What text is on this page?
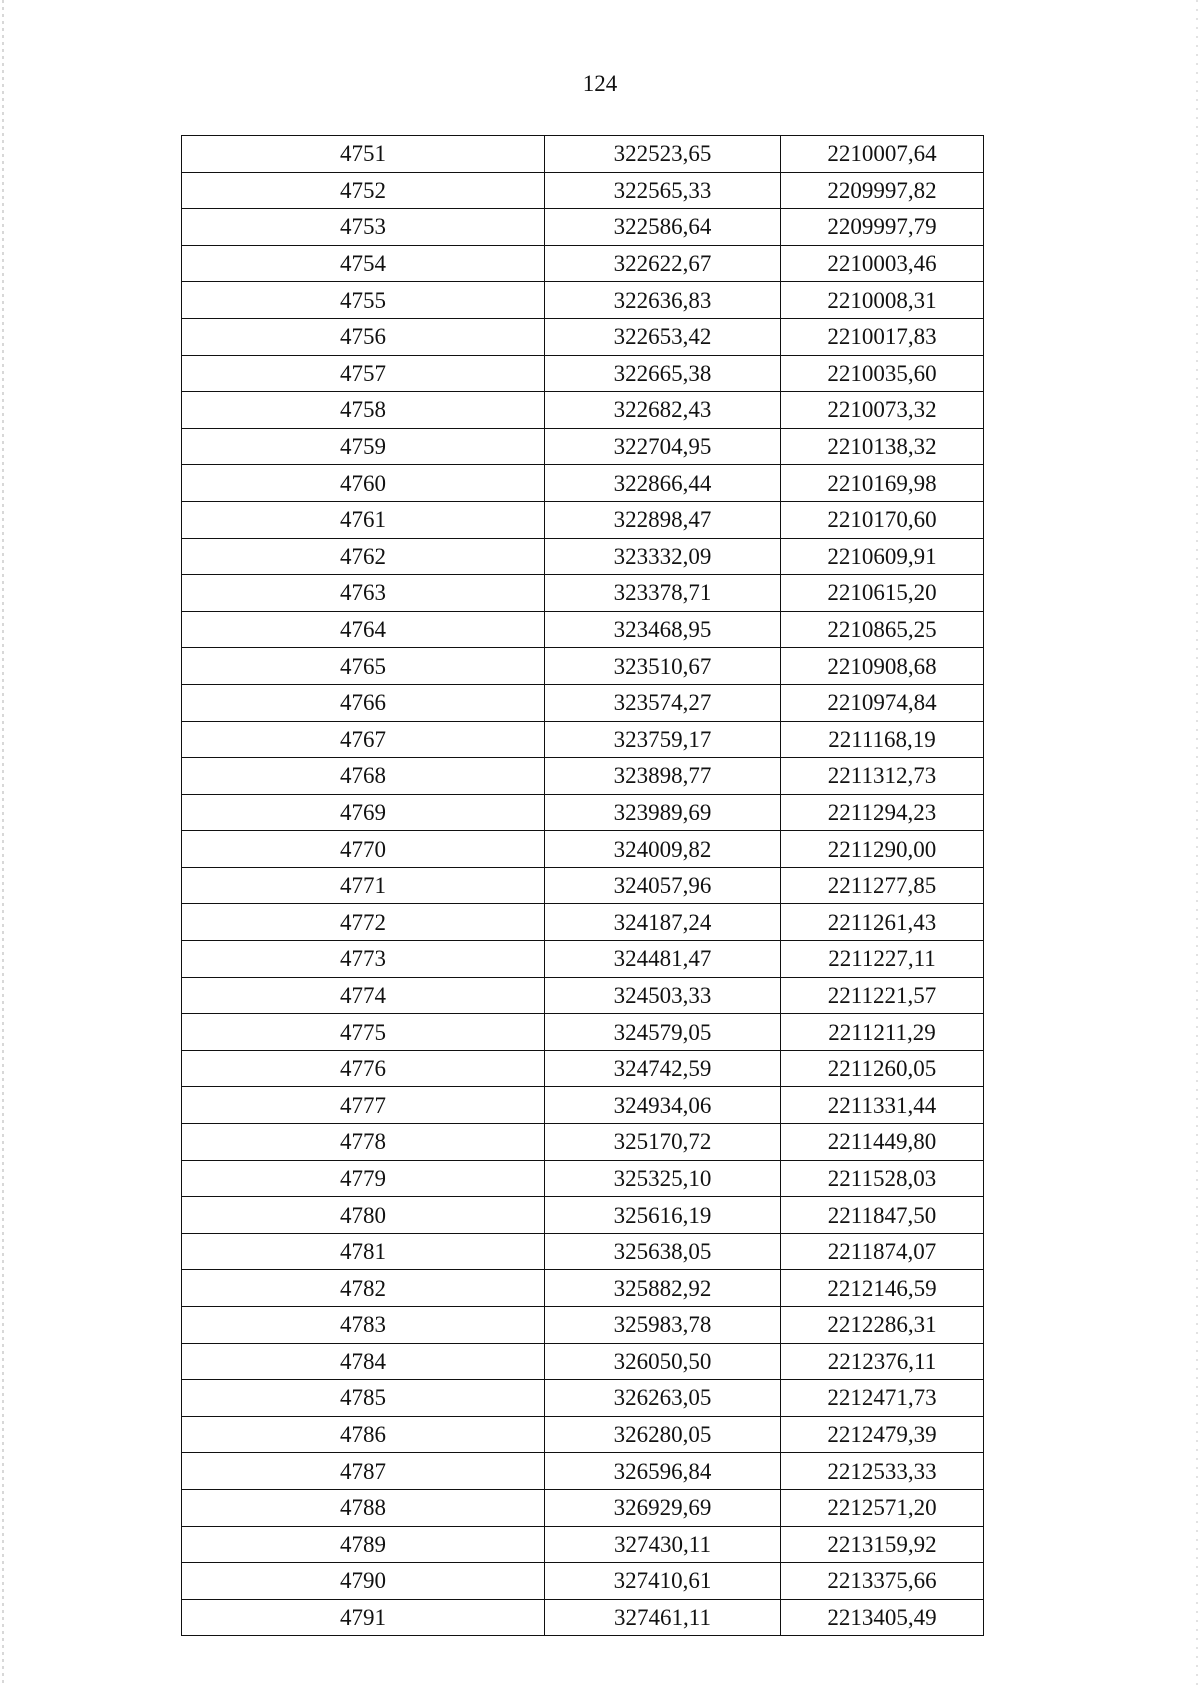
124
4751	322523,65	2210007,64
4752	322565,33	2209997,82
4753	322586,64	2209997,79
4754	322622,67	2210003,46
4755	322636,83	2210008,31
4756	322653,42	2210017,83
4757	322665,38	2210035,60
4758	322682,43	2210073,32
4759	322704,95	2210138,32
4760	322866,44	2210169,98
4761	322898,47	2210170,60
4762	323332,09	2210609,91
4763	323378,71	2210615,20
4764	323468,95	2210865,25
4765	323510,67	2210908,68
4766	323574,27	2210974,84
4767	323759,17	2211168,19
4768	323898,77	2211312,73
4769	323989,69	2211294,23
4770	324009,82	2211290,00
4771	324057,96	2211277,85
4772	324187,24	2211261,43
4773	324481,47	2211227,11
4774	324503,33	2211221,57
4775	324579,05	2211211,29
4776	324742,59	2211260,05
4777	324934,06	2211331,44
4778	325170,72	2211449,80
4779	325325,10	2211528,03
4780	325616,19	2211847,50
4781	325638,05	2211874,07
4782	325882,92	2212146,59
4783	325983,78	2212286,31
4784	326050,50	2212376,11
4785	326263,05	2212471,73
4786	326280,05	2212479,39
4787	326596,84	2212533,33
4788	326929,69	2212571,20
4789	327430,11	2213159,92
4790	327410,61	2213375,66
4791	327461,11	2213405,49
